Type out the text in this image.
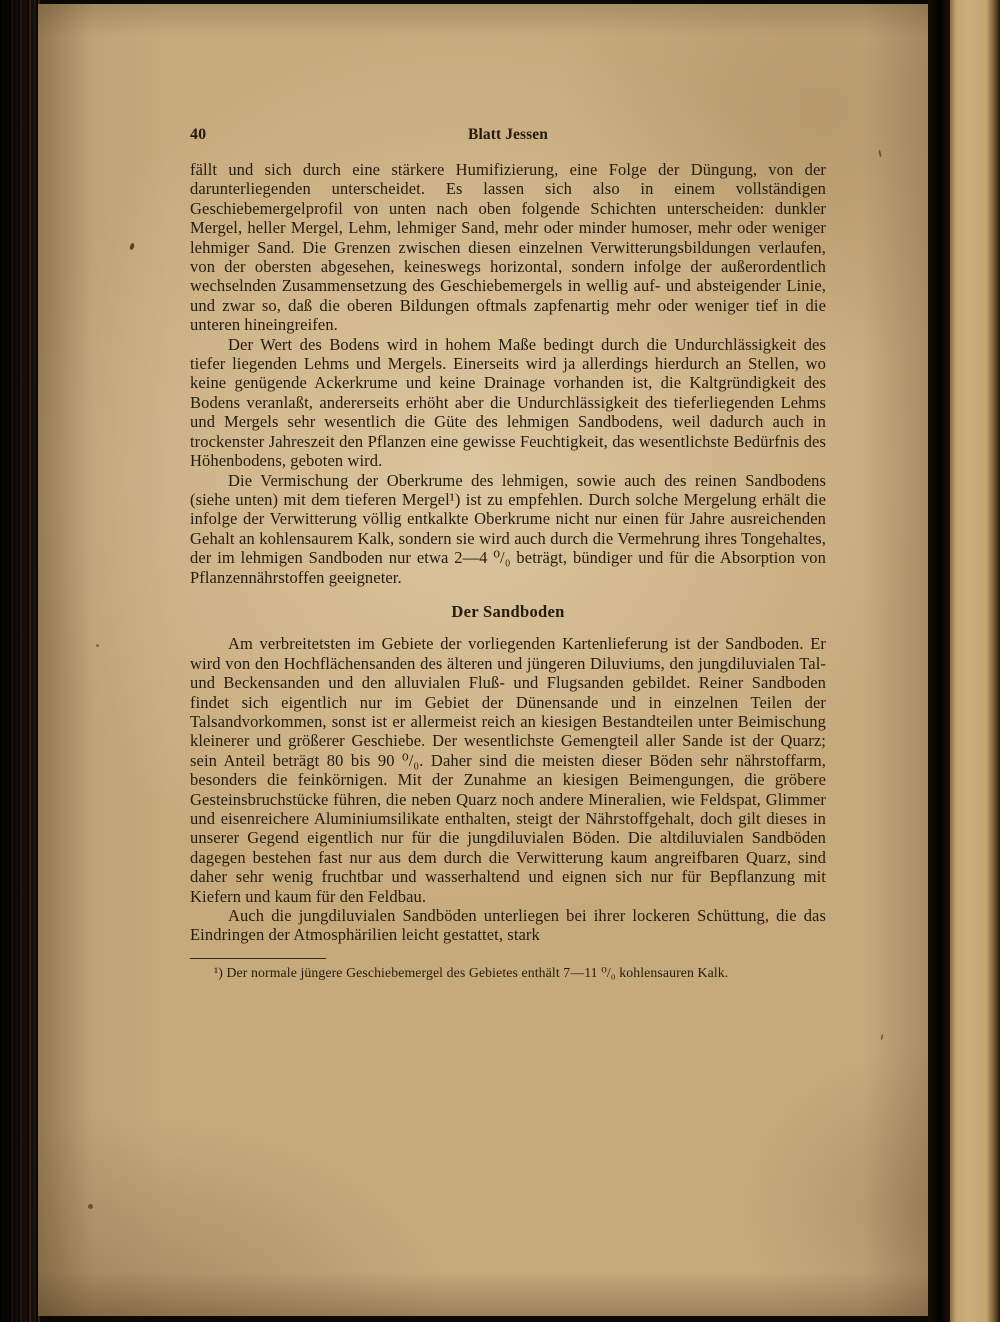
40	Blatt Jessen

fällt und sich durch eine stärkere Humifizierung, eine Folge der Düngung, von der darunterliegenden unterscheidet. Es lassen sich also in einem vollständigen Geschiebemergelprofil von unten nach oben folgende Schichten unterscheiden: dunkler Mergel, heller Mergel, Lehm, lehmiger Sand, mehr oder minder humoser, mehr oder weniger lehmiger Sand. Die Grenzen zwischen diesen einzelnen Verwitterungsbildungen verlaufen, von der obersten abgesehen, keineswegs horizontal, sondern infolge der außerordentlich wechselnden Zusammensetzung des Geschiebemergels in wellig auf- und absteigender Linie, und zwar so, daß die oberen Bildungen oftmals zapfenartig mehr oder weniger tief in die unteren hineingreifen.

Der Wert des Bodens wird in hohem Maße bedingt durch die Undurchlässigkeit des tiefer liegenden Lehms und Mergels. Einerseits wird ja allerdings hierdurch an Stellen, wo keine genügende Ackerkrume und keine Drainage vorhanden ist, die Kaltgründigkeit des Bodens veranlaßt, andererseits erhöht aber die Undurchlässigkeit des tieferliegenden Lehms und Mergels sehr wesentlich die Güte des lehmigen Sandbodens, weil dadurch auch in trockenster Jahreszeit den Pflanzen eine gewisse Feuchtigkeit, das wesentlichste Bedürfnis des Höhenbodens, geboten wird.

Die Vermischung der Oberkrume des lehmigen, sowie auch des reinen Sandbodens (siehe unten) mit dem tieferen Mergel¹) ist zu empfehlen. Durch solche Mergelung erhält die infolge der Verwitterung völlig entkalkte Oberkrume nicht nur einen für Jahre ausreichenden Gehalt an kohlensaurem Kalk, sondern sie wird auch durch die Vermehrung ihres Tongehaltes, der im lehmigen Sandboden nur etwa 2—4 ⁰/₀ beträgt, bündiger und für die Absorption von Pflanzennährstoffen geeigneter.

Der Sandboden

Am verbreitetsten im Gebiete der vorliegenden Kartenlieferung ist der Sandboden. Er wird von den Hochflächensanden des älteren und jüngeren Diluviums, den jungdiluvialen Tal- und Beckensanden und den alluvialen Fluß- und Flugsanden gebildet. Reiner Sandboden findet sich eigentlich nur im Gebiet der Dünensande und in einzelnen Teilen der Talsandvorkommen, sonst ist er allermeist reich an kiesigen Bestandteilen unter Beimischung kleinerer und größerer Geschiebe. Der wesentlichste Gemengteil aller Sande ist der Quarz; sein Anteil beträgt 80 bis 90 ⁰/₀. Daher sind die meisten dieser Böden sehr nährstoffarm, besonders die feinkörnigen. Mit der Zunahme an kiesigen Beimengungen, die gröbere Gesteinsbruchstücke führen, die neben Quarz noch andere Mineralien, wie Feldspat, Glimmer und eisenreichere Aluminiumsilikate enthalten, steigt der Nährstoffgehalt, doch gilt dieses in unserer Gegend eigentlich nur für die jungdiluvialen Böden. Die altdiluvialen Sandböden dagegen bestehen fast nur aus dem durch die Verwitterung kaum angreifbaren Quarz, sind daher sehr wenig fruchtbar und wasserhaltend und eignen sich nur für Bepflanzung mit Kiefern und kaum für den Feldbau.

Auch die jungdiluvialen Sandböden unterliegen bei ihrer lockeren Schüttung, die das Eindringen der Atmosphärilien leicht gestattet, stark

¹) Der normale jüngere Geschiebemergel des Gebietes enthält 7—11 ⁰/₀ kohlensauren Kalk.
